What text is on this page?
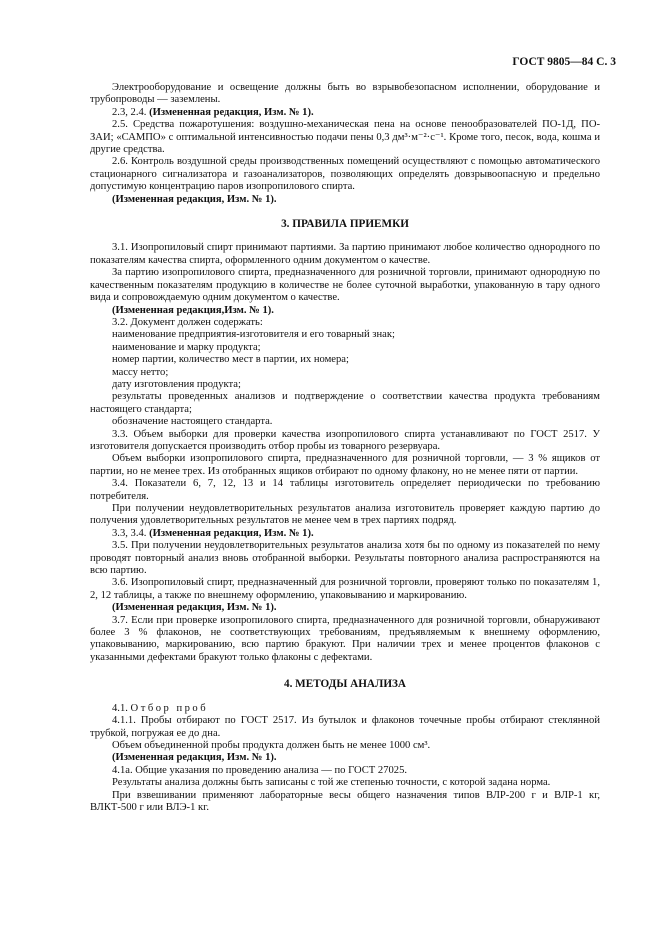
ГОСТ 9805—84 С. 3

Электрооборудование и освещение должны быть во взрывобезопасном исполнении, оборудование и трубопроводы — заземлены.

2.3, 2.4. (Измененная редакция, Изм. № 1).

2.5. Средства пожаротушения: воздушно-механическая пена на основе пенообразователей ПО-1Д, ПО-ЗАИ; «САМПО» с оптимальной интенсивностью подачи пены 0,3 дм³·м⁻²·с⁻¹. Кроме того, песок, вода, кошма и другие средства.

2.6. Контроль воздушной среды производственных помещений осуществляют с помощью автоматического стационарного сигнализатора и газоанализаторов, позволяющих определять довзрывоопасную и предельно допустимую концентрацию паров изопропилового спирта.

(Измененная редакция, Изм. № 1).

3. ПРАВИЛА ПРИЕМКИ

3.1. Изопропиловый спирт принимают партиями. За партию принимают любое количество однородного по показателям качества спирта, оформленного одним документом о качестве.

За партию изопропилового спирта, предназначенного для розничной торговли, принимают однородную по качественным показателям продукцию в количестве не более суточной выработки, упакованную в тару одного вида и сопровождаемую одним документом о качестве.

(Измененная редакция,Изм. № 1).

3.2. Документ должен содержать:

наименование предприятия-изготовителя и его товарный знак;

наименование и марку продукта;

номер партии, количество мест в партии, их номера;

массу нетто;

дату изготовления продукта;

результаты проведенных анализов и подтверждение о соответствии качества продукта требованиям настоящего стандарта;

обозначение настоящего стандарта.

3.3. Объем выборки для проверки качества изопропилового спирта устанавливают по ГОСТ 2517. У изготовителя допускается производить отбор пробы из товарного резервуара.

Объем выборки изопропилового спирта, предназначенного для розничной торговли, — 3 % ящиков от партии, но не менее трех. Из отобранных ящиков отбирают по одному флакону, но не менее пяти от партии.

3.4. Показатели 6, 7, 12, 13 и 14 таблицы изготовитель определяет периодически по требованию потребителя.

При получении неудовлетворительных результатов анализа изготовитель проверяет каждую партию до получения удовлетворительных результатов не менее чем в трех партиях подряд.

3.3, 3.4. (Измененная редакция, Изм. № 1).

3.5. При получении неудовлетворительных результатов анализа хотя бы по одному из показателей по нему проводят повторный анализ вновь отобранной выборки. Результаты повторного анализа распространяются на всю партию.

3.6. Изопропиловый спирт, предназначенный для розничной торговли, проверяют только по показателям 1, 2, 12 таблицы, а также по внешнему оформлению, упаковыванию и маркированию.

(Измененная редакция, Изм. № 1).

3.7. Если при проверке изопропилового спирта, предназначенного для розничной торговли, обнаруживают более 3 % флаконов, не соответствующих требованиям, предъявляемым к внешнему оформлению, упаковыванию, маркированию, всю партию бракуют. При наличии трех и менее процентов флаконов с указанными дефектами бракуют только флаконы с дефектами.

4. МЕТОДЫ АНАЛИЗА

4.1. Отбор проб

4.1.1. Пробы отбирают по ГОСТ 2517. Из бутылок и флаконов точечные пробы отбирают стеклянной трубкой, погружая ее до дна.

Объем объединенной пробы продукта должен быть не менее 1000 см³.

(Измененная редакция, Изм. № 1).

4.1а. Общие указания по проведению анализа — по ГОСТ 27025.

Результаты анализа должны быть записаны с той же степенью точности, с которой задана норма.

При взвешивании применяют лабораторные весы общего назначения типов ВЛР-200 г и ВЛР-1 кг, ВЛКТ-500 г или ВЛЭ-1 кг.
